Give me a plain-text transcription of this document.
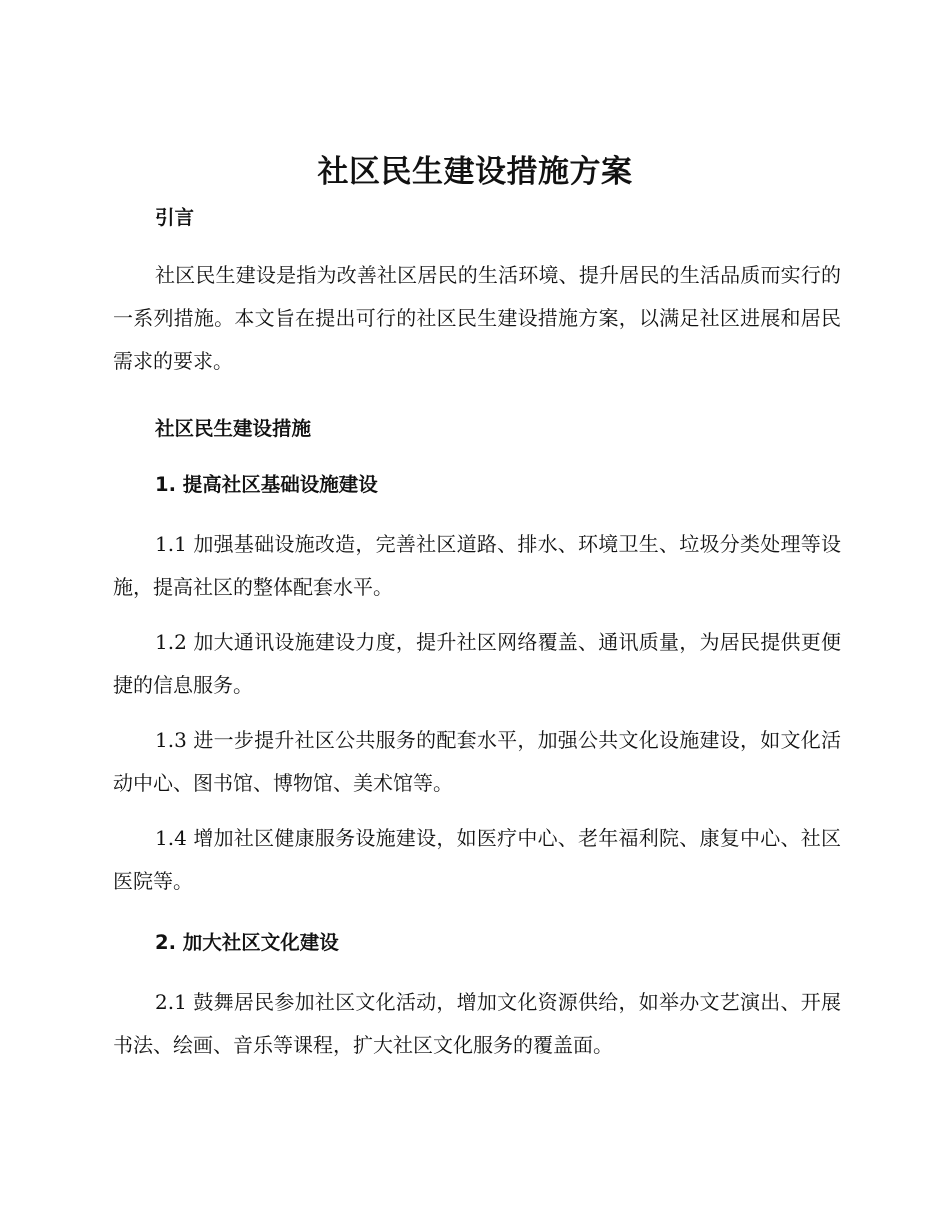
社区民生建设措施方案

引言

社区民生建设是指为改善社区居民的生活环境、提升居民的生活品质而实行的一系列措施。本文旨在提出可行的社区民生建设措施方案，以满足社区进展和居民需求的要求。

社区民生建设措施

1. 提高社区基础设施建设

1.1 加强基础设施改造，完善社区道路、排水、环境卫生、垃圾分类处理等设施，提高社区的整体配套水平。

1.2 加大通讯设施建设力度，提升社区网络覆盖、通讯质量，为居民提供更便捷的信息服务。

1.3 进一步提升社区公共服务的配套水平，加强公共文化设施建设，如文化活动中心、图书馆、博物馆、美术馆等。

1.4 增加社区健康服务设施建设，如医疗中心、老年福利院、康复中心、社区医院等。

2. 加大社区文化建设

2.1 鼓舞居民参加社区文化活动，增加文化资源供给，如举办文艺演出、开展书法、绘画、音乐等课程，扩大社区文化服务的覆盖面。
